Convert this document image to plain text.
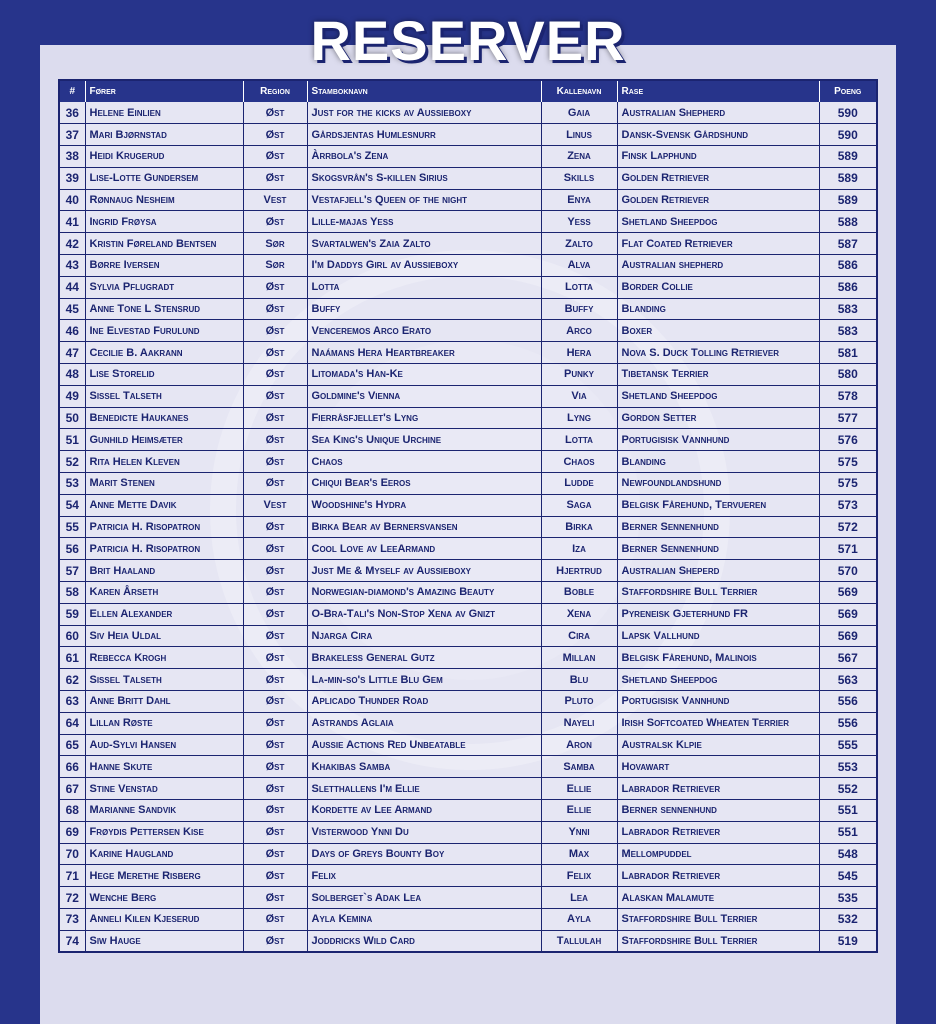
RESERVER
#	Fører	Region	Stamboknavn	Kallenavn	Rase	Poeng
36	Helene Einlien	Øst	Just for the kicks av Aussieboxy	Gaia	Australian Shepherd	590
37	Mari Bjørnstad	Øst	Gårdsjentas Humlesnurr	Linus	Dansk-Svensk Gårdshund	590
38	Heidi Krugerud	Øst	Àrrbola's Zena	Zena	Finsk Lapphund	589
39	Lise-Lotte Gundersem	Øst	Skogsvrån's S-killen Sirius	Skills	Golden Retriever	589
40	Rønnaug Nesheim	Vest	Vestafjell's Queen of the night	Enya	Golden Retriever	589
41	Ingrid Frøysa	Øst	Lille-majas Yess	Yess	Shetland Sheepdog	588
42	Kristin Føreland Bentsen	Sør	Svartalwen's Zaia Zalto	Zalto	Flat Coated Retriever	587
43	Børre Iversen	Sør	I'm Daddys Girl av Aussieboxy	Alva	Australian shepherd	586
44	Sylvia Pflugradt	Øst	Lotta	Lotta	Border Collie	586
45	Anne Tone L Stensrud	Øst	Buffy	Buffy	Blanding	583
46	Ine Elvestad Furulund	Øst	Venceremos Arco Erato	Arco	Boxer	583
47	Cecilie B. Aakrann	Øst	Naámans Hera Heartbreaker	Hera	Nova S. Duck Tolling Retriever	581
48	Lise Storelid	Øst	Litomada's Han-Ke	Punky	Tibetansk Terrier	580
49	Sissel Talseth	Øst	Goldmine's Vienna	Via	Shetland Sheepdog	578
50	Benedicte Haukanes	Øst	Fierråsfjellet's Lyng	Lyng	Gordon Setter	577
51	Gunhild Heimsæter	Øst	Sea King's Unique Urchine	Lotta	Portugisisk Vannhund	576
52	Rita Helen Kleven	Øst	Chaos	Chaos	Blanding	575
53	Marit Stenen	Øst	Chiqui Bear's Eeros	Ludde	Newfoundlandshund	575
54	Anne Mette Davik	Vest	Woodshine's Hydra	Saga	Belgisk Fårehund, Tervueren	573
55	Patricia H. Risopatron	Øst	Birka Bear av Bernersvansen	Birka	Berner Sennenhund	572
56	Patricia H. Risopatron	Øst	Cool Love av LeeArmand	Iza	Berner Sennenhund	571
57	Brit Haaland	Øst	Just Me & Myself av Aussieboxy	Hjertrud	Australian Sheperd	570
58	Karen Årseth	Øst	Norwegian-diamond's Amazing Beauty	Boble	Staffordshire Bull Terrier	569
59	Ellen Alexander	Øst	O-Bra-Tali's Non-Stop Xena av Gnizt	Xena	Pyreneisk Gjeterhund FR	569
60	Siv Heia Uldal	Øst	Njarga Cira	Cira	Lapsk Vallhund	569
61	Rebecca Krogh	Øst	Brakeless General Gutz	Millan	Belgisk Fårehund, Malinois	567
62	Sissel Talseth	Øst	La-min-so's Little Blu Gem	Blu	Shetland Sheepdog	563
63	Anne Britt Dahl	Øst	Aplicado Thunder Road	Pluto	Portugisisk Vannhund	556
64	Lillan Røste	Øst	Astrands Aglaia	Nayeli	Irish Softcoated Wheaten Terrier	556
65	Aud-Sylvi Hansen	Øst	Aussie Actions Red Unbeatable	Aron	Australsk Klpie	555
66	Hanne Skute	Øst	Khakibas Samba	Samba	Hovawart	553
67	Stine Venstad	Øst	Sletthallens I'm Ellie	Ellie	Labrador Retriever	552
68	Marianne Sandvik	Øst	Kordette av Lee Armand	Ellie	Berner sennenhund	551
69	Frøydis Pettersen Kise	Øst	Visterwood Ynni Du	Ynni	Labrador Retriever	551
70	Karine Haugland	Øst	Days of Greys Bounty Boy	Max	Mellompuddel	548
71	Hege Merethe Risberg	Øst	Felix	Felix	Labrador Retriever	545
72	Wenche Berg	Øst	Solberget`s Adak Lea	Lea	Alaskan Malamute	535
73	Anneli Kilen Kjeserud	Øst	Ayla Kemina	Ayla	Staffordshire Bull Terrier	532
74	Siw Hauge	Øst	Joddricks Wild Card	Tallulah	Staffordshire Bull Terrier	519
